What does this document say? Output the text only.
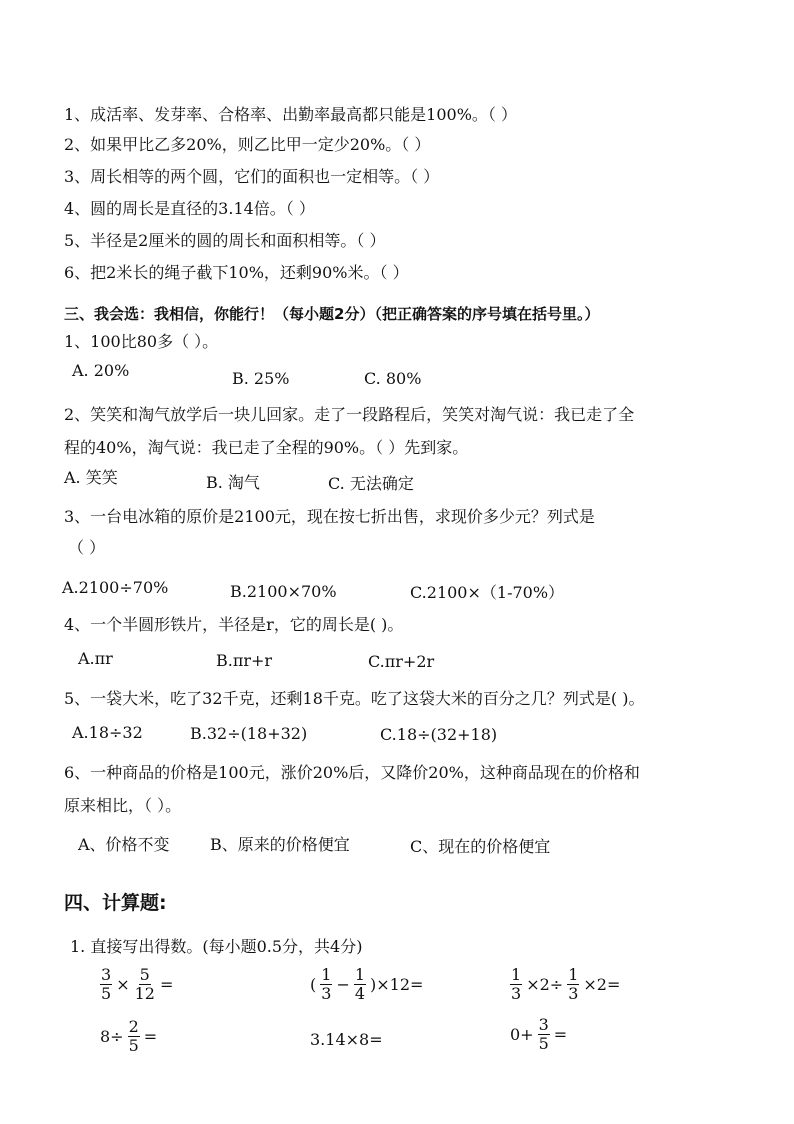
1、成活率、发芽率、合格率、出勤率最高都只能是100%。（ ）
2、如果甲比乙多20%，则乙比甲一定少20%。（ ）
3、周长相等的两个圆，它们的面积也一定相等。（ ）
4、圆的周长是直径的3.14倍。（ ）
5、半径是2厘米的圆的周长和面积相等。（ ）
6、把2米长的绳子截下10%，还剩90%米。（ ）
三、我会选：我相信，你能行！（每小题2分）（把正确答案的序号填在括号里。）
1、100比80多（ ）。
A. 20%	B. 25%	C. 80%
2、笑笑和淘气放学后一块儿回家。走了一段路程后，笑笑对淘气说：我已走了全
程的40%，淘气说：我已走了全程的90%。（ ）先到家。
A. 笑笑	B. 淘气	C. 无法确定
3、一台电冰箱的原价是2100元，现在按七折出售，求现价多少元？列式是
（ ）
A.2100÷70%	B.2100×70%	C.2100×（1-70%）
4、一个半圆形铁片，半径是r，它的周长是( )。
A.πr	B.πr+r	C.πr+2r
5、一袋大米，吃了32千克，还剩18千克。吃了这袋大米的百分之几？列式是( )。
A.18÷32	B.32÷(18+32)	C.18÷(32+18)
6、一种商品的价格是100元，涨价20%后，又降价20%，这种商品现在的价格和
原来相比，（ ）。
A、价格不变	B、原来的价格便宜	C、现在的价格便宜
四、计算题:
1. 直接写出得数。(每小题0.5分，共4分)
$\frac{3}{5} \times \frac{5}{12}$ =	( $\frac{1}{3} - \frac{1}{4} )\times 12=$	$\frac{1}{3} \times 2\div \frac{1}{3} \times 2=$
$8\div \frac{2}{5}$ =	3.14×8=	$0+ \frac{3}{5}$ =
